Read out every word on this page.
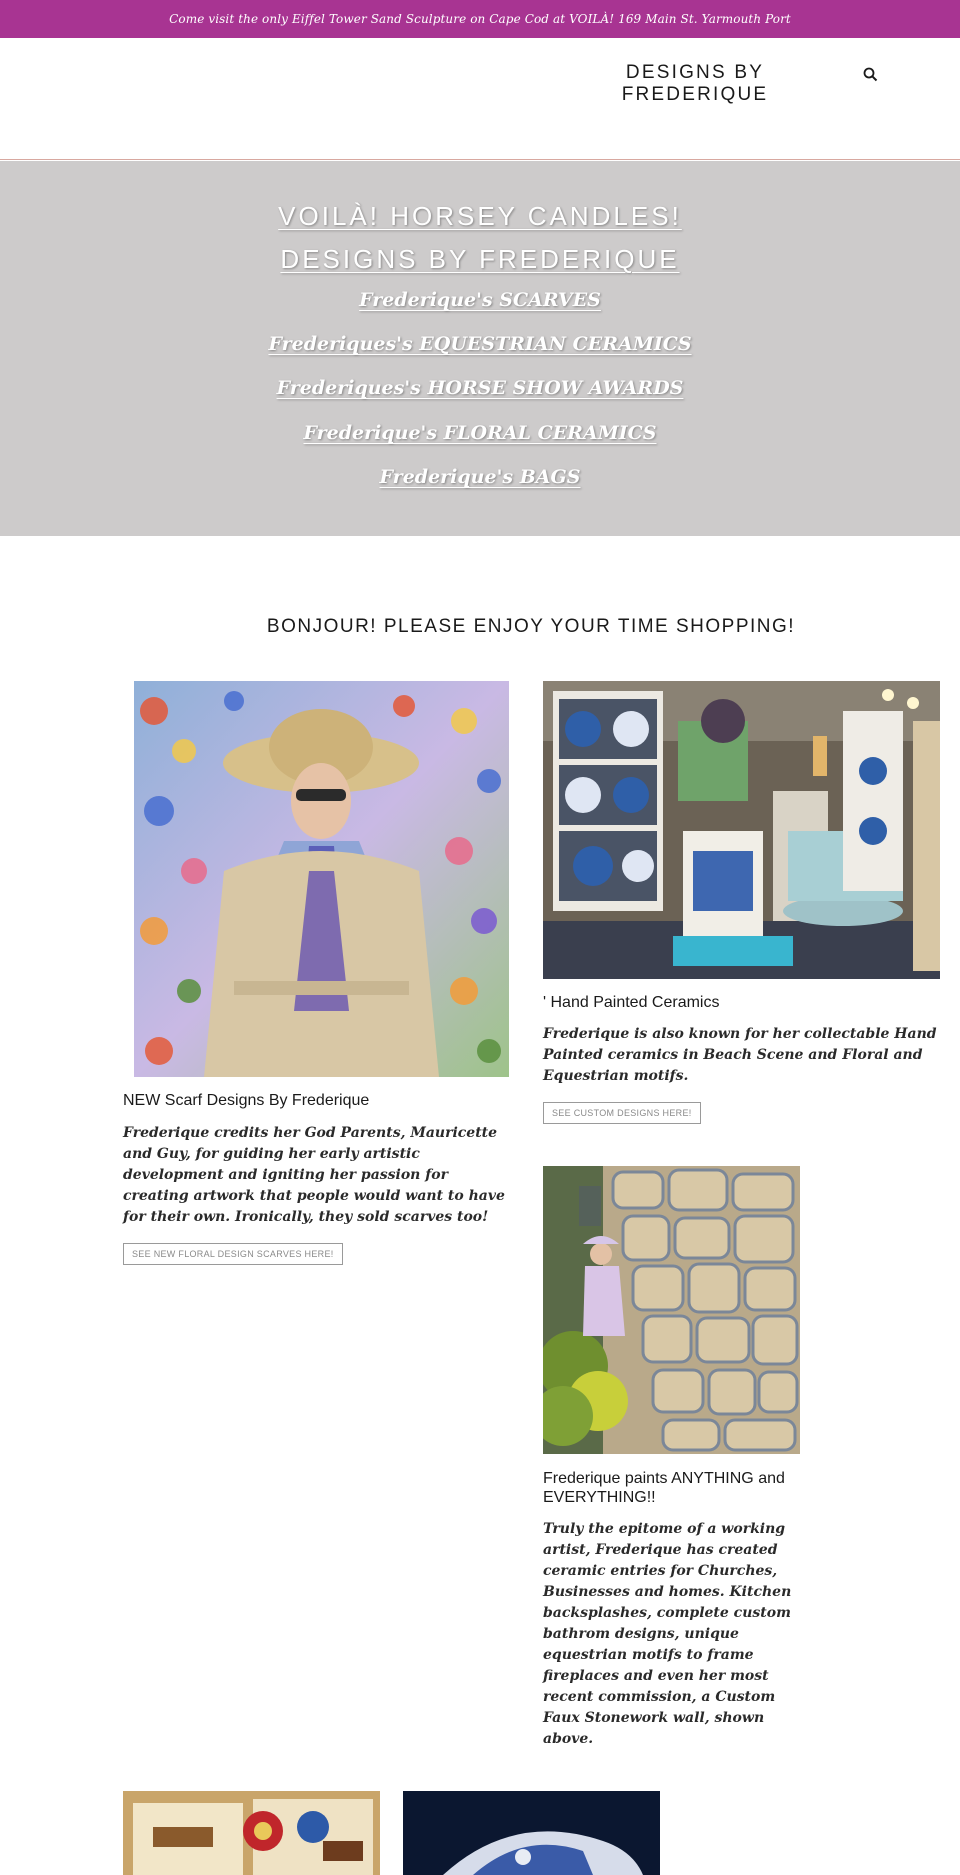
Come visit the only Eiffel Tower Sand Sculpture on Cape Cod at VOILÀ! 169 Main St. Yarmouth Port
DESIGNS BY
FREDERIQUE
VOILÀ! HORSEY CANDLES!
DESIGNS BY FREDERIQUE
Frederique's SCARVES
Frederiques's EQUESTRIAN CERAMICS
Frederiques's HORSE SHOW AWARDS
Frederique's FLORAL CERAMICS
Frederique's BAGS
BONJOUR! PLEASE ENJOY YOUR TIME SHOPPING!
NEW Scarf Designs By Frederique
Frederique credits her God Parents, Mauricette and Guy, for guiding her early artistic development and igniting her passion for creating artwork that people would want to have for their own. Ironically, they sold scarves too!
SEE NEW FLORAL DESIGN SCARVES HERE!
' Hand Painted Ceramics
Frederique is also known for her collectable Hand Painted ceramics in Beach Scene and Floral and Equestrian motifs.
SEE CUSTOM DESIGNS HERE!
Frederique paints ANYTHING and EVERYTHING!!
Truly the epitome of a working artist, Frederique has created ceramic entries for Churches, Businesses and homes. Kitchen backsplashes, complete custom bathrom designs, unique equestrian motifs to frame fireplaces and even her most recent commission, a Custom Faux Stonework wall, shown above.
